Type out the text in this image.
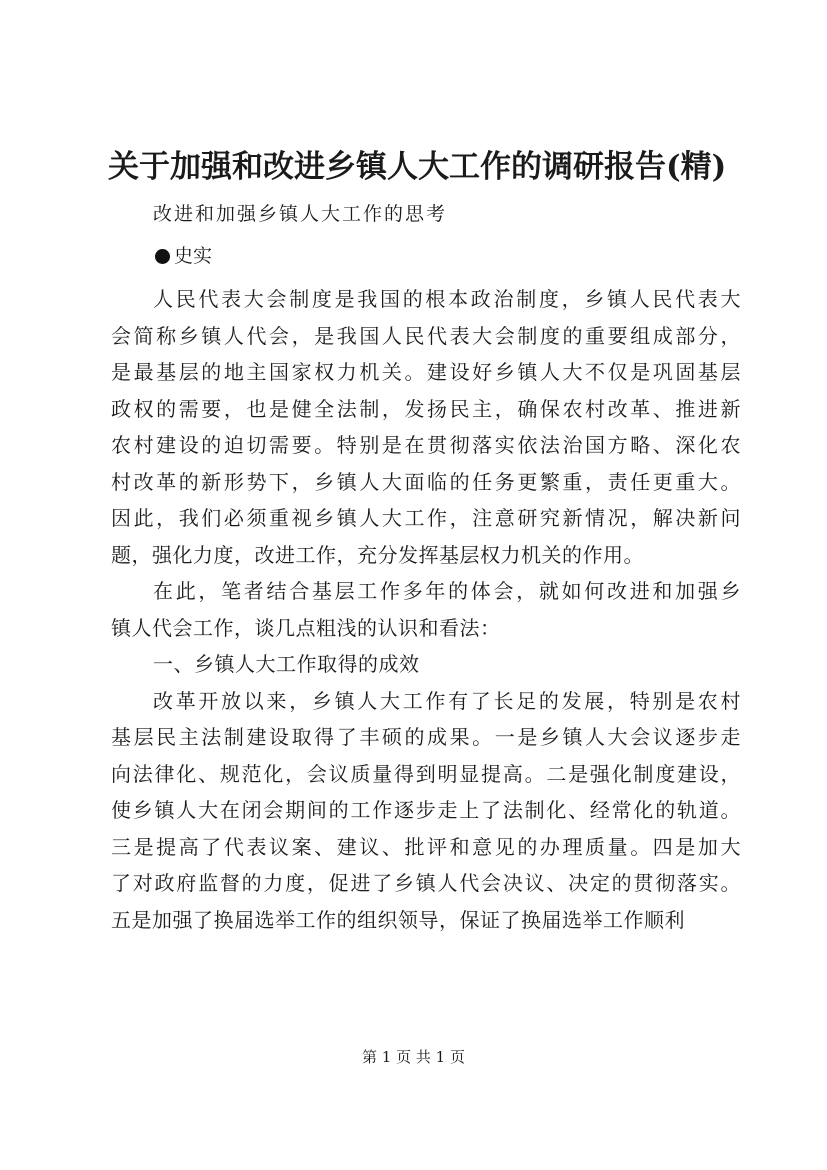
关于加强和改进乡镇人大工作的调研报告(精)
改进和加强乡镇人大工作的思考
史实
人民代表大会制度是我国的根本政治制度，乡镇人民代表大
会简称乡镇人代会，是我国人民代表大会制度的重要组成部分，
是最基层的地主国家权力机关。建设好乡镇人大不仅是巩固基层
政权的需要，也是健全法制，发扬民主，确保农村改革、推进新
农村建设的迫切需要。特别是在贯彻落实依法治国方略、深化农
村改革的新形势下，乡镇人大面临的任务更繁重，责任更重大。
因此，我们必须重视乡镇人大工作，注意研究新情况，解决新问
题，强化力度，改进工作，充分发挥基层权力机关的作用。
在此，笔者结合基层工作多年的体会，就如何改进和加强乡
镇人代会工作，谈几点粗浅的认识和看法：
一、乡镇人大工作取得的成效
改革开放以来，乡镇人大工作有了长足的发展，特别是农村
基层民主法制建设取得了丰硕的成果。一是乡镇人大会议逐步走
向法律化、规范化，会议质量得到明显提高。二是强化制度建设，
使乡镇人大在闭会期间的工作逐步走上了法制化、经常化的轨道。
三是提高了代表议案、建议、批评和意见的办理质量。四是加大
了对政府监督的力度，促进了乡镇人代会决议、决定的贯彻落实。
五是加强了换届选举工作的组织领导，保证了换届选举工作顺利
第 1 页 共 1 页
